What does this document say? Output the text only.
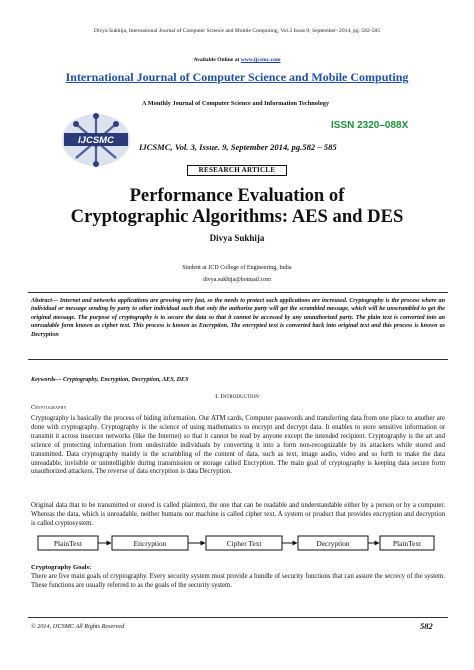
Divya Sukhija, International Journal of Computer Science and Mobile Computing, Vol.3 Issue.9, September- 2014, pg. 582-585
Available Online at www.ijcsmc.com
International Journal of Computer Science and Mobile Computing
A Monthly Journal of Computer Science and Information Technology
IJCSMC
ISSN 2320–088X
IJCSMC, Vol. 3, Issue. 9, September 2014, pg.582 – 585
RESEARCH ARTICLE
Performance Evaluation of
Cryptographic Algorithms: AES and DES
Divya Sukhija
Student at JCD College of Engineering, India
divya.sukhija@hotmail.com
Abstract— Internet and networks applications are growing very fast, so the needs to protect such applications are increased. Cryptography is the process where an individual or message sending by party to other individual such that only the authorize party will get the scrambled message, which will be unscrambled to get the original message. The purpose of cryptography is to secure the data so that it cannot be accessed by any unauthorized party. The plain text is converted into an unreadable form known as cipher text. This process is known as Encryption. The encrypted text is converted back into original text and this process is known as Decryption
Keywords— Cryptography, Encryption, Decryption, AES, DES
I. Introduction
Cryptography
Cryptography is basically the process of hiding information. Our ATM cards, Computer passwords and transferring data from one place to another are done with cryptography. Cryptography is the science of using mathematics to encrypt and decrypt data. It enables to store sensitive information or transmit it across insecure networks (like the Internet) so that it cannot be read by anyone except the intended recipient. Cryptography is the art and science of protecting information from undesirable individuals by converting it into a form non-recognizable by its attackers while stored and transmitted. Data cryptography mainly is the scrambling of the content of data, such as text, image audio, video and so forth to make the data unreadable, invisible or unintelligible during transmission or storage called Encryption. The main goal of cryptography is keeping data secure form unauthorized attackers. The reverse of data encryption is data Decryption.
Original data that to be transmitted or stored is called plaintext, the one that can be readable and understandable either by a person or by a computer. Whereas the data, which is unreadable, neither humans nor machine is called cipher text. A system or product that provides encryption and decryption is called cryptosystem.
PlainText	Encryption	Cipher Text	Decryption	PlainText
Cryptography Goals:
There are five main goals of cryptography. Every security system must provide a bundle of security functions that can assure the secrecy of the system. These functions are usually referred to as the goals of the security system.
© 2014, IJCSMC All Rights Reserved	582
